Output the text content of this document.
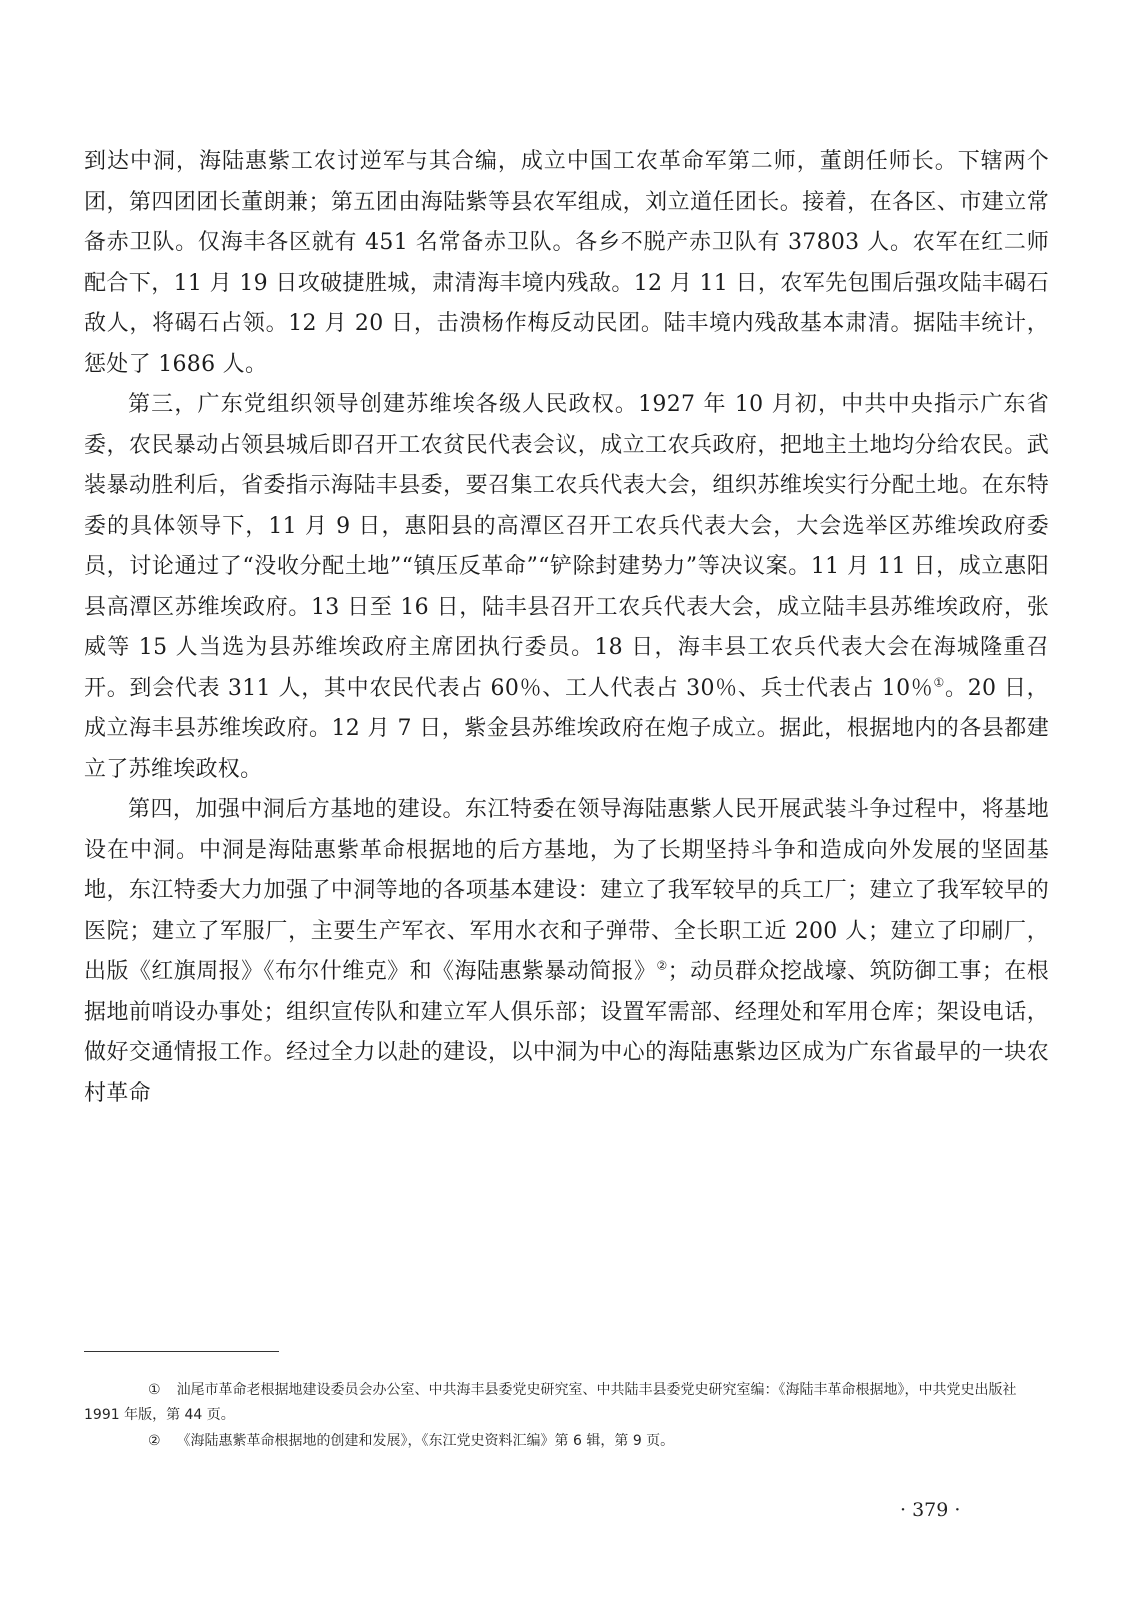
到达中洞，海陆惠紫工农讨逆军与其合编，成立中国工农革命军第二师，董朗任师长。下辖两个团，第四团团长董朗兼；第五团由海陆紫等县农军组成，刘立道任团长。接着，在各区、市建立常备赤卫队。仅海丰各区就有 451 名常备赤卫队。各乡不脱产赤卫队有 37803 人。农军在红二师配合下，11 月 19 日攻破捷胜城，肃清海丰境内残敌。12 月 11 日，农军先包围后强攻陆丰碣石敌人，将碣石占领。12 月 20 日，击溃杨作梅反动民团。陆丰境内残敌基本肃清。据陆丰统计，惩处了 1686 人。

第三，广东党组织领导创建苏维埃各级人民政权。1927 年 10 月初，中共中央指示广东省委，农民暴动占领县城后即召开工农贫民代表会议，成立工农兵政府，把地主土地均分给农民。武装暴动胜利后，省委指示海陆丰县委，要召集工农兵代表大会，组织苏维埃实行分配土地。在东特委的具体领导下，11 月 9 日，惠阳县的高潭区召开工农兵代表大会，大会选举区苏维埃政府委员，讨论通过了“没收分配土地”“镇压反革命”“铲除封建势力”等决议案。11 月 11 日，成立惠阳县高潭区苏维埃政府。13 日至 16 日，陆丰县召开工农兵代表大会，成立陆丰县苏维埃政府，张威等 15 人当选为县苏维埃政府主席团执行委员。18 日，海丰县工农兵代表大会在海城隆重召开。到会代表 311 人，其中农民代表占 60％、工人代表占 30％、兵士代表占 10％①。20 日，成立海丰县苏维埃政府。12 月 7 日，紫金县苏维埃政府在炮子成立。据此，根据地内的各县都建立了苏维埃政权。

第四，加强中洞后方基地的建设。东江特委在领导海陆惠紫人民开展武装斗争过程中，将基地设在中洞。中洞是海陆惠紫革命根据地的后方基地，为了长期坚持斗争和造成向外发展的坚固基地，东江特委大力加强了中洞等地的各项基本建设：建立了我军较早的兵工厂；建立了我军较早的医院；建立了军服厂，主要生产军衣、军用水衣和子弹带、全长职工近 200 人；建立了印刷厂，出版《红旗周报》《布尔什维克》和《海陆惠紫暴动简报》②；动员群众挖战壕、筑防御工事；在根据地前哨设办事处；组织宣传队和建立军人俱乐部；设置军需部、经理处和军用仓库；架设电话，做好交通情报工作。经过全力以赴的建设，以中洞为中心的海陆惠紫边区成为广东省最早的一块农村革命

① 汕尾市革命老根据地建设委员会办公室、中共海丰县委党史研究室、中共陆丰县委党史研究室编：《海陆丰革命根据地》，中共党史出版社 1991 年版，第 44 页。

② 《海陆惠紫革命根据地的创建和发展》，《东江党史资料汇编》第 6 辑，第 9 页。

· 379 ·
